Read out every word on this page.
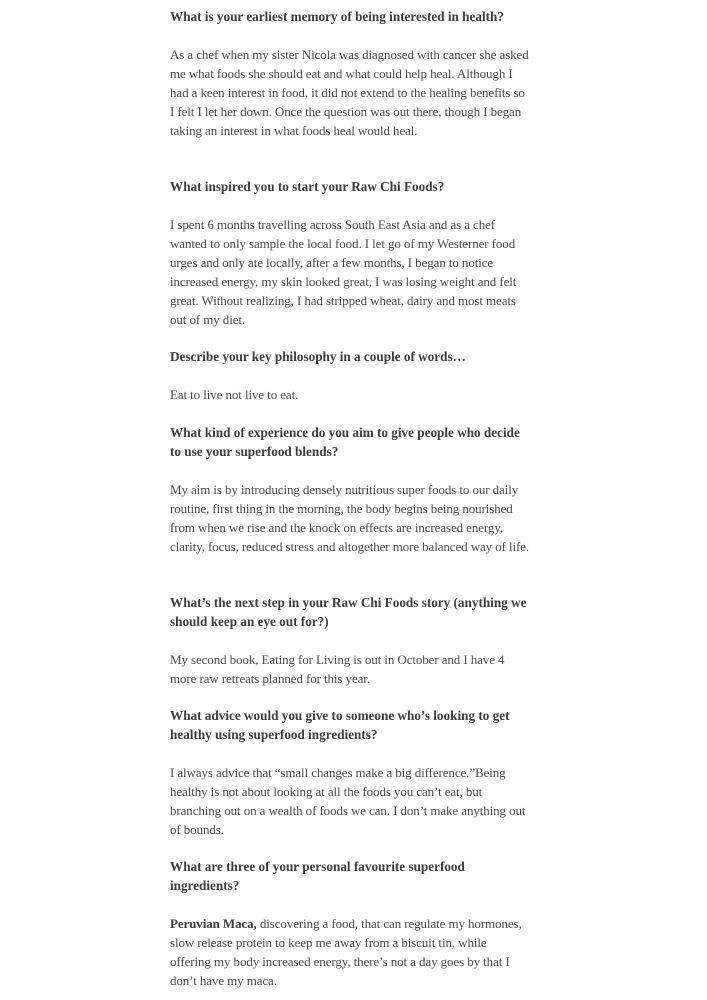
What is your earliest memory of being interested in health?

As a chef when my sister Nicola was diagnosed with cancer she asked me what foods she should eat and what could help heal. Although I had a keen interest in food, it did not extend to the healing benefits so I felt I let her down. Once the question was out there, though I began taking an interest in what foods heal would heal.

What inspired you to start your Raw Chi Foods?

I spent 6 months travelling across South East Asia and as a chef wanted to only sample the local food. I let go of my Westerner food urges and only ate locally, after a few months, I began to notice increased energy, my skin looked great, I was losing weight and felt great. Without realizing, I had stripped wheat, dairy and most meats out of my diet.

Describe your key philosophy in a couple of words…

Eat to live not live to eat.

What kind of experience do you aim to give people who decide to use your superfood blends?

My aim is by introducing densely nutritious super foods to our daily routine, first thing in the morning, the body begins being nourished from when we rise and the knock on effects are increased energy, clarity, focus, reduced stress and altogether more balanced way of life.

What’s the next step in your Raw Chi Foods story (anything we should keep an eye out for?)

My second book, Eating for Living is out in October and I have 4 more raw retreats planned for this year.

What advice would you give to someone who’s looking to get healthy using superfood ingredients?

I always advice that “small changes make a big difference.”Being healthy is not about looking at all the foods you can’t eat, but branching out on a wealth of foods we can. I don’t make anything out of bounds.

What are three of your personal favourite superfood ingredients?

Peruvian Maca, discovering a food, that can regulate my hormones, slow release protein to keep me away from a biscuit tin, while offering my body increased energy, there’s not a day goes by that I don’t have my maca.
